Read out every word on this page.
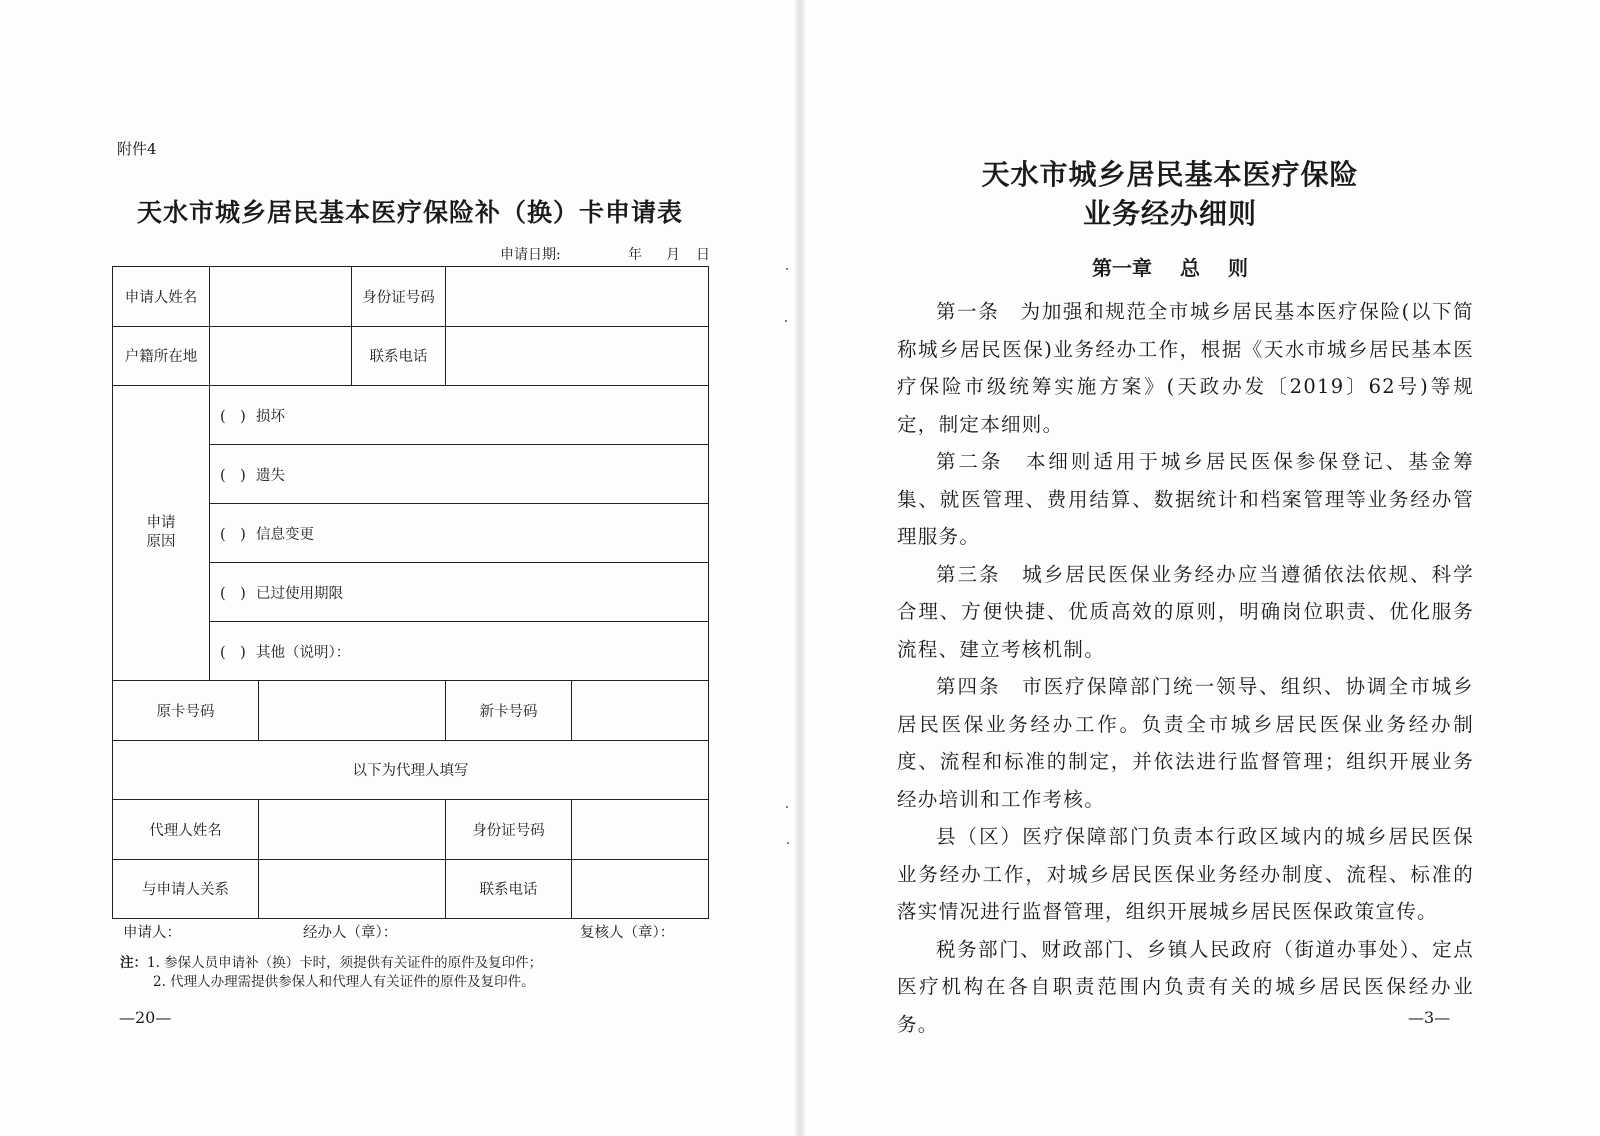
附件4
天水市城乡居民基本医疗保险补（换）卡申请表
申请日期:	年	月	日
申请人姓名			身份证号码		
户籍所在地			联系电话		

申请
原因	(　) 损坏				
	(　) 遗失				
	(　) 信息变更				
	(　) 已过使用期限				
	(　) 其他（说明）：				
原卡号码				新卡号码	
以下为代理人填写					
代理人姓名				身份证号码	
与申请人关系				联系电话	
申请人：	经办人（章）：	复核人（章）：
注：1. 参保人员申请补（换）卡时，须提供有关证件的原件及复印件；
2. 代理人办理需提供参保人和代理人有关证件的原件及复印件。
—20—
天水市城乡居民基本医疗保险
业务经办细则
第一章 总 则

第一条　为加强和规范全市城乡居民基本医疗保险(以下简称城乡居民医保)业务经办工作，根据《天水市城乡居民基本医疗保险市级统筹实施方案》(天政办发〔2019〕62号)等规定，制定本细则。

第二条　本细则适用于城乡居民医保参保登记、基金筹集、就医管理、费用结算、数据统计和档案管理等业务经办管理服务。

第三条　城乡居民医保业务经办应当遵循依法依规、科学合理、方便快捷、优质高效的原则，明确岗位职责、优化服务流程、建立考核机制。

第四条　市医疗保障部门统一领导、组织、协调全市城乡居民医保业务经办工作。负责全市城乡居民医保业务经办制度、流程和标准的制定，并依法进行监督管理；组织开展业务经办培训和工作考核。

县（区）医疗保障部门负责本行政区域内的城乡居民医保业务经办工作，对城乡居民医保业务经办制度、流程、标准的落实情况进行监督管理，组织开展城乡居民医保政策宣传。

税务部门、财政部门、乡镇人民政府（街道办事处）、定点医疗机构在各自职责范围内负责有关的城乡居民医保经办业务。	—3—
